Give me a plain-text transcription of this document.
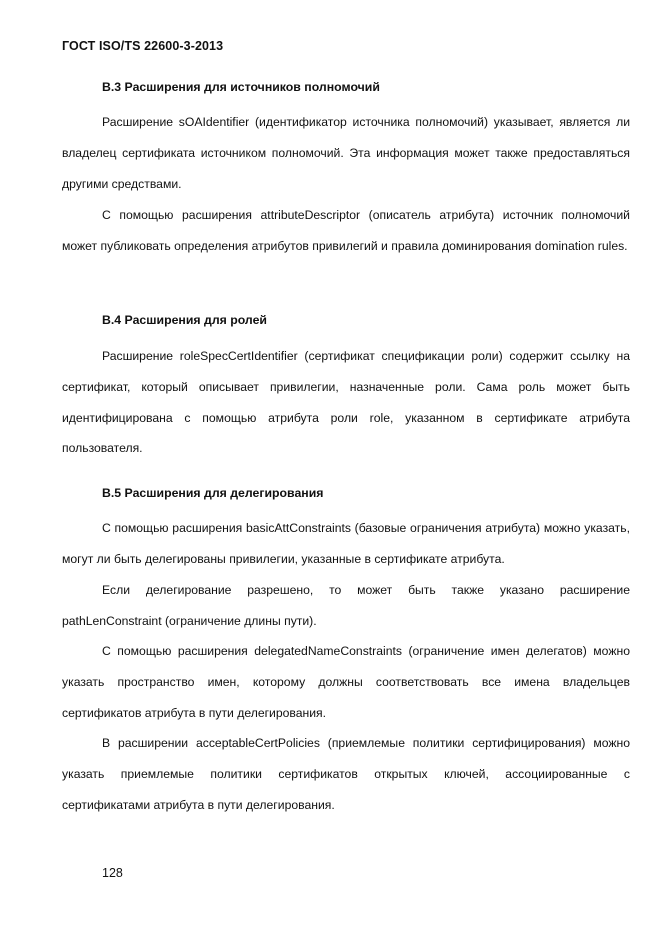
ГОСТ ISO/TS 22600-3-2013
B.3 Расширения для источников полномочий

Расширение sOAIdentifier (идентификатор источника полномочий) указывает, является ли владелец сертификата источником полномочий. Эта информация может также предоставляться другими средствами.

С помощью расширения attributeDescriptor (описатель атрибута) источник полномочий может публиковать определения атрибутов привилегий и правила доминирования domination rules.

B.4 Расширения для ролей

Расширение roleSpecCertIdentifier (сертификат спецификации роли) содержит ссылку на сертификат, который описывает привилегии, назначенные роли. Сама роль может быть идентифицирована с помощью атрибута роли role, указанном в сертификате атрибута пользователя.

B.5 Расширения для делегирования

С помощью расширения basicAttConstraints (базовые ограничения атрибута) можно указать, могут ли быть делегированы привилегии, указанные в сертификате атрибута.

Если делегирование разрешено, то может быть также указано расширение pathLenConstraint (ограничение длины пути).

С помощью расширения delegatedNameConstraints (ограничение имен делегатов) можно указать пространство имен, которому должны соответствовать все имена владельцев сертификатов атрибута в пути делегирования.

В расширении acceptableCertPolicies (приемлемые политики сертифицирования) можно указать приемлемые политики сертификатов открытых ключей, ассоциированные с сертификатами атрибута в пути делегирования.

128
